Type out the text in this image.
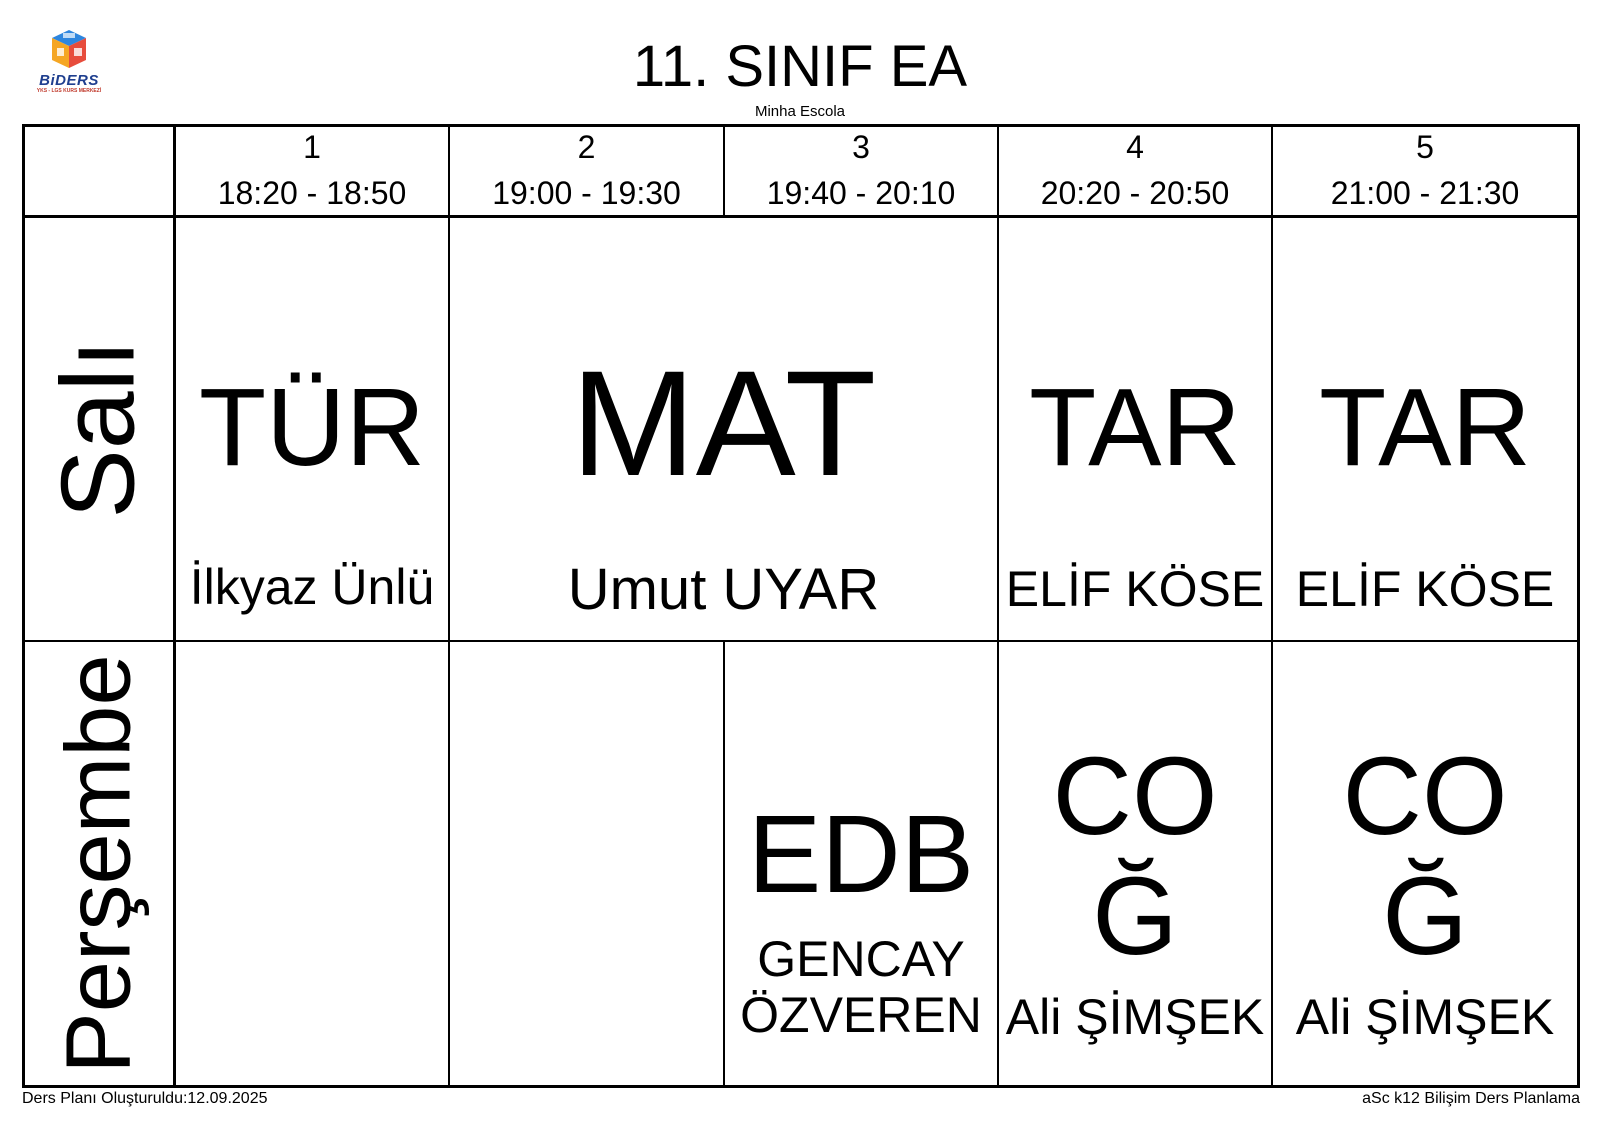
BiDERS
YKS - LGS KURS MERKEZİ	11. SINIF EA
Minha Escola
1
18:20 - 18:50
2
19:00 - 19:30
3
19:40 - 20:10
4
20:20 - 20:50
5
21:00 - 21:30
Salı
Perşembe
TÜR
İlkyaz Ünlü
MAT
Umut UYAR
TAR
ELİF KÖSE
TAR
ELİF KÖSE
EDB
GENCAY
ÖZVEREN
CO
Ğ
Ali ŞİMŞEK
CO
Ğ
Ali ŞİMŞEK
Ders Planı Oluşturuldu:12.09.2025	aSc k12 Bilişim Ders Planlama
